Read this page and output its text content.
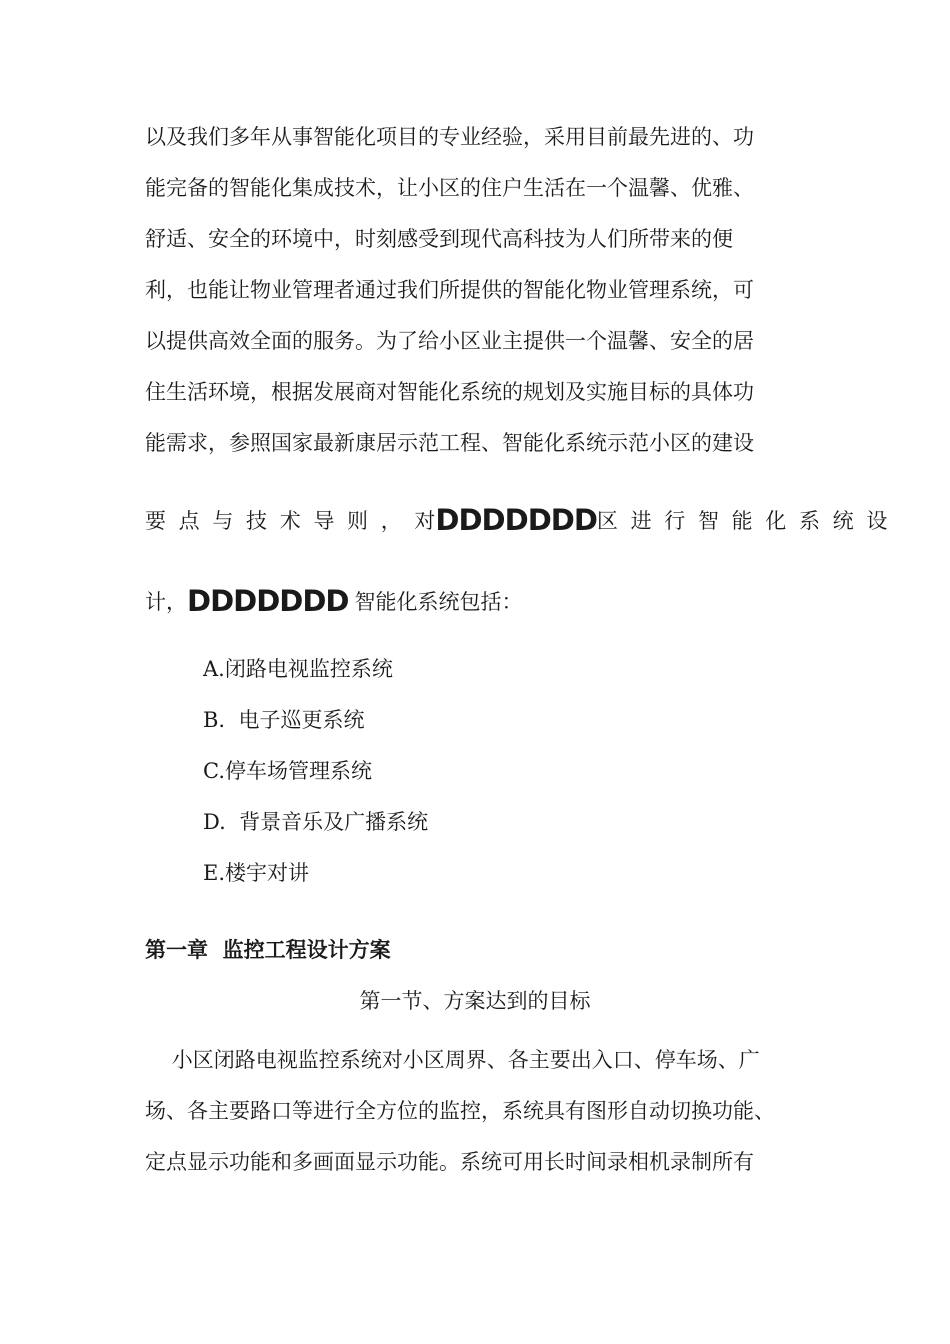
以及我们多年从事智能化项目的专业经验，采用目前最先进的、功
能完备的智能化集成技术，让小区的住户生活在一个温馨、优雅、
舒适、安全的环境中，时刻感受到现代高科技为人们所带来的便
利，也能让物业管理者通过我们所提供的智能化物业管理系统，可
以提供高效全面的服务。为了给小区业主提供一个温馨、安全的居
住生活环境，根据发展商对智能化系统的规划及实施目标的具体功
能需求，参照国家最新康居示范工程、智能化系统示范小区的建设
要 点 与 技 术 导 则 ， 对 DDDDDDD 区 进 行 智 能 化 系 统 设
计，DDDDDDD 智能化系统包括：
A.闭路电视监控系统
B.  电子巡更系统
C.停车场管理系统
D.  背景音乐及广播系统
E.楼宇对讲
第一章  监控工程设计方案
第一节、方案达到的目标
小区闭路电视监控系统对小区周界、各主要出入口、停车场、广
场、各主要路口等进行全方位的监控，系统具有图形自动切换功能、
定点显示功能和多画面显示功能。系统可用长时间录相机录制所有
